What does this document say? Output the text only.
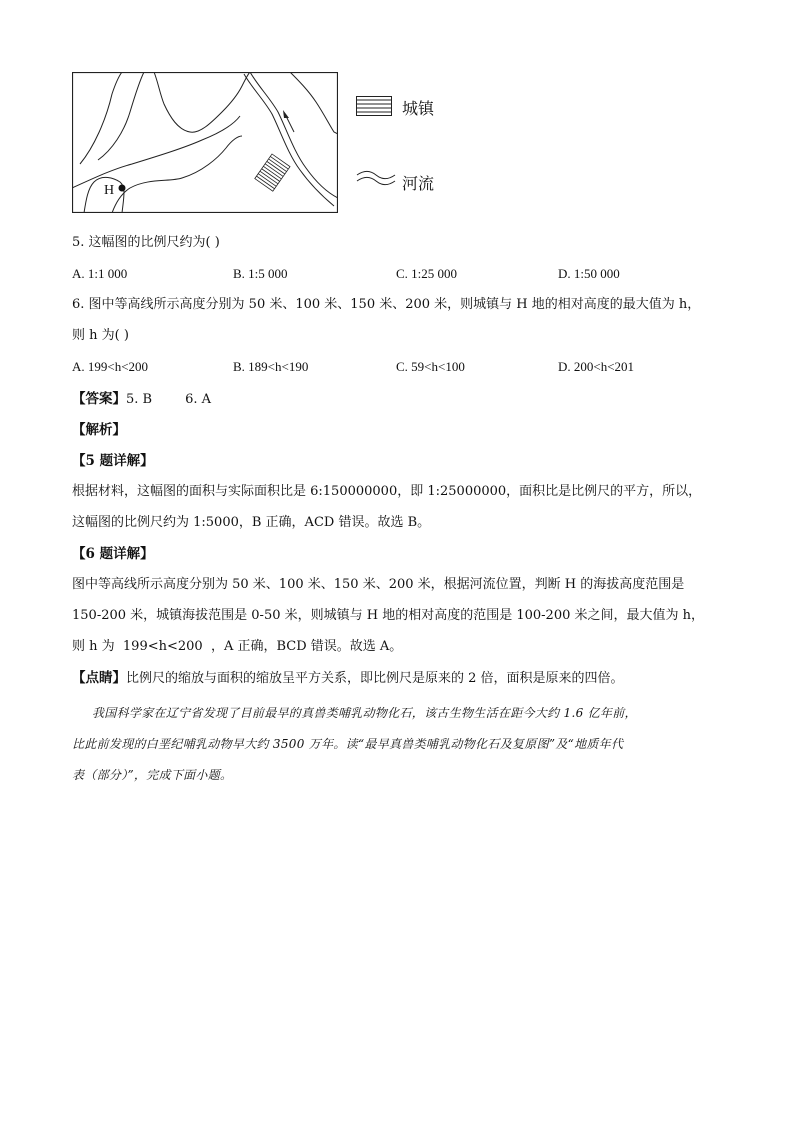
H
城镇
河流
5. 这幅图的比例尺约为( )
A. 1:1 000	B. 1:5 000	C. 1:25 000	D. 1:50 000
6. 图中等高线所示高度分别为 50 米、100 米、150 米、200 米，则城镇与 H 地的相对高度的最大值为 h，
则 h 为( )
A. 199<h<200	B. 189<h<190	C. 59<h<100	D. 200<h<201
【答案】5. B        6. A
【解析】
【5 题详解】
根据材料，这幅图的面积与实际面积比是 6:150000000，即 1:25000000，面积比是比例尺的平方，所以，
这幅图的比例尺约为 1:5000，B 正确，ACD 错误。故选 B。
【6 题详解】
图中等高线所示高度分别为 50 米、100 米、150 米、200 米，根据河流位置，判断 H 的海拔高度范围是
150-200 米，城镇海拔范围是 0-50 米，则城镇与 H 地的相对高度的范围是 100-200 米之间，最大值为 h，
则 h 为  199<h<200  ，A 正确，BCD 错误。故选 A。
【点睛】比例尺的缩放与面积的缩放呈平方关系，即比例尺是原来的 2 倍，面积是原来的四倍。
我国科学家在辽宁省发现了目前最早的真兽类哺乳动物化石，该古生物生活在距今大约 1.6 亿年前，
比此前发现的白垩纪哺乳动物早大约 3500 万年。读“最早真兽类哺乳动物化石及复原图”及“地质年代
表（部分）”，完成下面小题。
